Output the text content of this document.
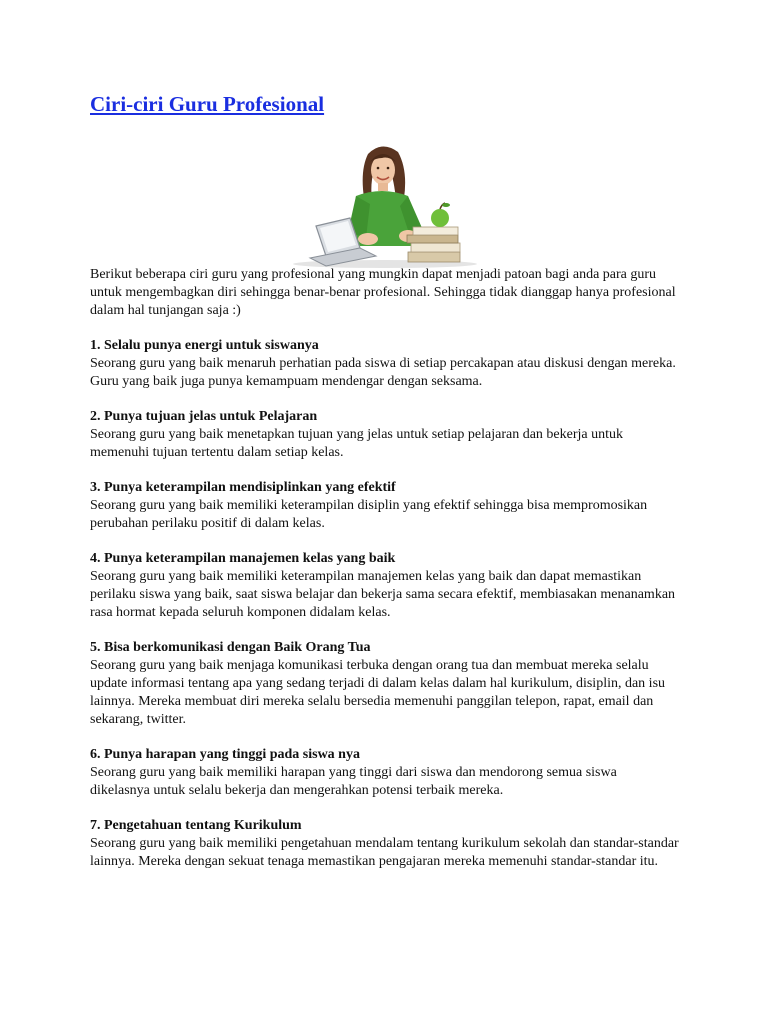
Ciri-ciri Guru Profesional

Berikut beberapa ciri guru yang profesional yang mungkin dapat menjadi patoan bagi anda para guru untuk mengembagkan diri sehingga benar-benar profesional. Sehingga tidak dianggap hanya profesional dalam hal tunjangan saja :)

1. Selalu punya energi untuk siswanya

Seorang guru yang baik menaruh perhatian pada siswa di setiap percakapan atau diskusi dengan mereka. Guru yang baik juga punya kemampuam mendengar dengan seksama.

2. Punya tujuan jelas untuk Pelajaran

Seorang guru yang baik menetapkan tujuan yang jelas untuk setiap pelajaran dan bekerja untuk memenuhi tujuan tertentu dalam setiap kelas.

3. Punya keterampilan mendisiplinkan yang efektif

Seorang guru yang baik memiliki keterampilan disiplin yang efektif sehingga bisa mempromosikan perubahan perilaku positif di dalam kelas.

4. Punya keterampilan manajemen kelas yang baik

Seorang guru yang baik memiliki keterampilan manajemen kelas yang baik dan dapat memastikan perilaku siswa yang baik, saat siswa belajar dan bekerja sama secara efektif, membiasakan menanamkan rasa hormat kepada seluruh komponen didalam kelas.

5. Bisa berkomunikasi dengan Baik Orang Tua

Seorang guru yang baik menjaga komunikasi terbuka dengan orang tua dan membuat mereka selalu update informasi tentang apa yang sedang terjadi di dalam kelas dalam hal kurikulum, disiplin, dan isu lainnya. Mereka membuat diri mereka selalu bersedia memenuhi panggilan telepon, rapat, email dan sekarang, twitter.

6. Punya harapan yang tinggi pada siswa nya

Seorang guru yang baik memiliki harapan yang tinggi dari siswa dan mendorong semua siswa dikelasnya untuk selalu bekerja dan mengerahkan potensi terbaik mereka.

7. Pengetahuan tentang Kurikulum

Seorang guru yang baik memiliki pengetahuan mendalam tentang kurikulum sekolah dan standar-standar lainnya. Mereka dengan sekuat tenaga memastikan pengajaran mereka memenuhi standar-standar itu.
